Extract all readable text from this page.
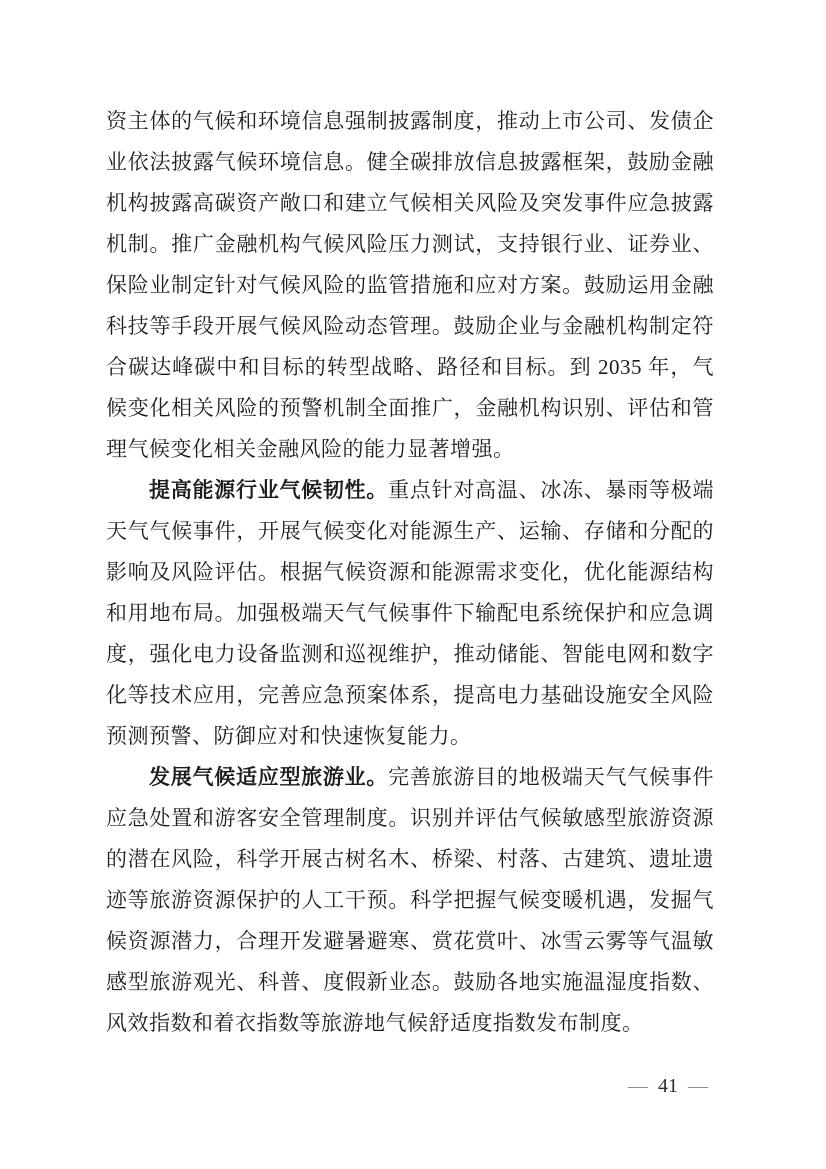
资主体的气候和环境信息强制披露制度，推动上市公司、发债企业依法披露气候环境信息。健全碳排放信息披露框架，鼓励金融机构披露高碳资产敞口和建立气候相关风险及突发事件应急披露机制。推广金融机构气候风险压力测试，支持银行业、证券业、保险业制定针对气候风险的监管措施和应对方案。鼓励运用金融科技等手段开展气候风险动态管理。鼓励企业与金融机构制定符合碳达峰碳中和目标的转型战略、路径和目标。到 2035 年，气候变化相关风险的预警机制全面推广，金融机构识别、评估和管理气候变化相关金融风险的能力显著增强。

提高能源行业气候韧性。重点针对高温、冰冻、暴雨等极端天气气候事件，开展气候变化对能源生产、运输、存储和分配的影响及风险评估。根据气候资源和能源需求变化，优化能源结构和用地布局。加强极端天气气候事件下输配电系统保护和应急调度，强化电力设备监测和巡视维护，推动储能、智能电网和数字化等技术应用，完善应急预案体系，提高电力基础设施安全风险预测预警、防御应对和快速恢复能力。

发展气候适应型旅游业。完善旅游目的地极端天气气候事件应急处置和游客安全管理制度。识别并评估气候敏感型旅游资源的潜在风险，科学开展古树名木、桥梁、村落、古建筑、遗址遗迹等旅游资源保护的人工干预。科学把握气候变暖机遇，发掘气候资源潜力，合理开发避暑避寒、赏花赏叶、冰雪云雾等气温敏感型旅游观光、科普、度假新业态。鼓励各地实施温湿度指数、风效指数和着衣指数等旅游地气候舒适度指数发布制度。

— 41 —
